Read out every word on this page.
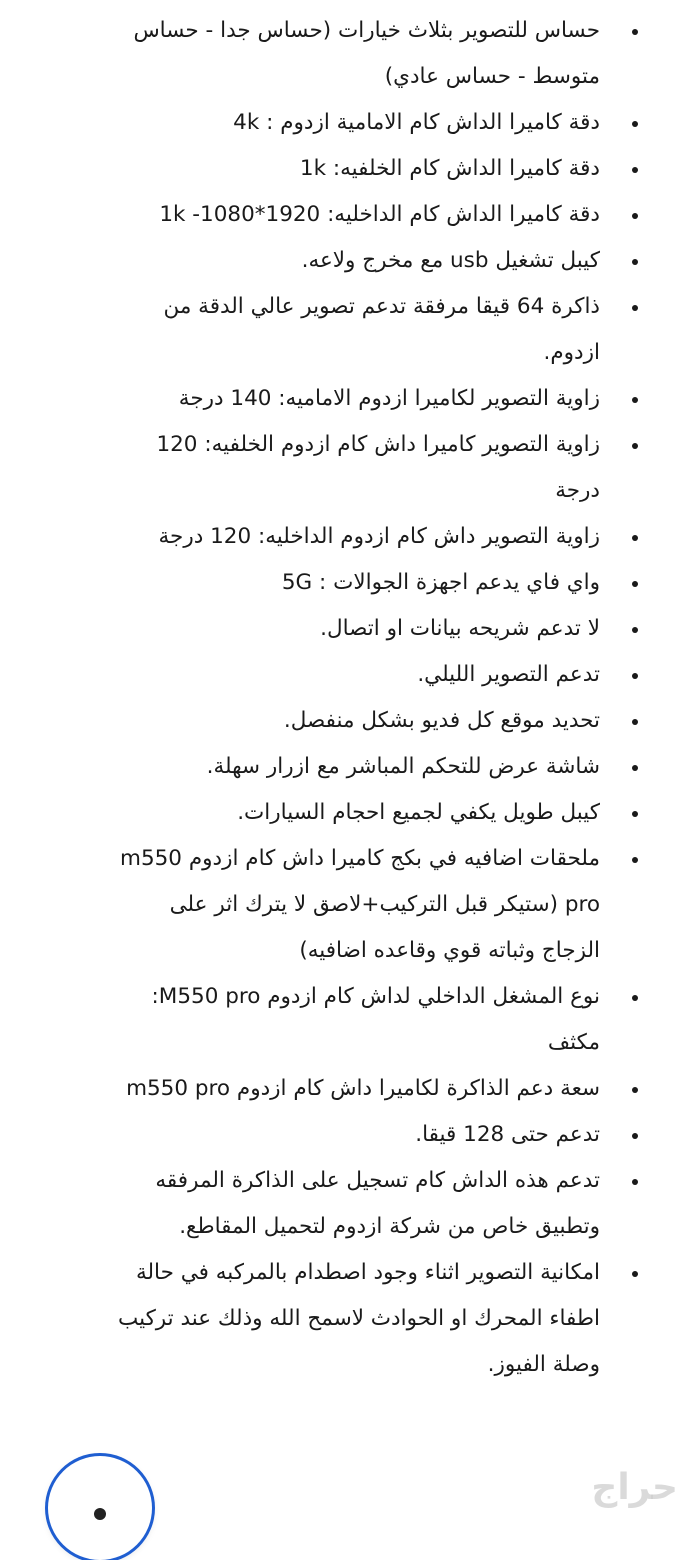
حساس للتصوير بثلاث خيارات (حساس جدا - حساس متوسط - حساس عادي)
دقة كاميرا الداش كام الامامية ازدوم : 4k
دقة كاميرا الداش كام الخلفيه: 1k
دقة كاميرا الداش كام الداخليه: 1920*1080- 1k
كيبل تشغيل usb مع مخرج ولاعه.
ذاكرة 64 قيقا مرفقة تدعم تصوير عالي الدقة من ازدوم.
زاوية التصوير لكاميرا ازدوم الاماميه: 140 درجة
زاوية التصوير كاميرا داش كام ازدوم الخلفيه: 120 درجة
زاوية التصوير داش كام ازدوم الداخليه: 120 درجة
واي فاي يدعم اجهزة الجوالات : 5G
لا تدعم شريحه بيانات او اتصال.
تدعم التصوير الليلي.
تحديد موقع كل فديو بشكل منفصل.
شاشة عرض للتحكم المباشر مع ازرار سهلة.
كيبل طويل يكفي لجميع احجام السيارات.
ملحقات اضافيه في بكج كاميرا داش كام ازدوم m550 pro (ستيكر قبل التركيب+لاصق لا يترك اثر على الزجاج وثباته قوي وقاعده اضافيه)
نوع المشغل الداخلي لداش كام ازدوم M550 pro: مكثف
سعة دعم الذاكرة لكاميرا داش كام ازدوم m550 pro
تدعم حتى 128 قيقا.
تدعم هذه الداش كام تسجيل على الذاكرة المرفقه وتطبيق خاص من شركة ازدوم لتحميل المقاطع.
امكانية التصوير اثناء وجود اصطدام بالمركبه في حالة اطفاء المحرك او الحوادث لاسمح الله وذلك عند تركيب وصلة الفيوز.
حراج
